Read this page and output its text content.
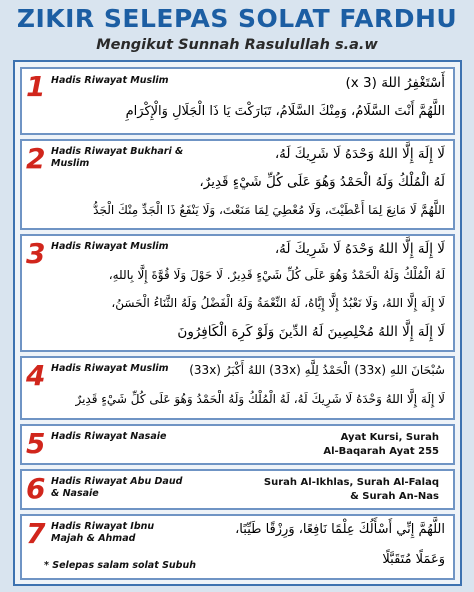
ZIKIR SELEPAS SOLAT FARDHU
Mengikut Sunnah Rasulullah s.a.w
1 Hadis Riwayat Muslim	أَسْتَغْفِرُ اللهَ (3 x)
اللَّهُمَّ أَنْتَ السَّلَامُ، وَمِنْكَ السَّلَامُ، تَبَارَكْتَ يَا ذَا الْجَلَالِ وَالْإِكْرَامِ
2 Hadis Riwayat Bukhari & Muslim
لَا إِلَهَ إِلَّا اللهُ وَحْدَهُ لَا شَرِيكَ لَهُ،
لَهُ الْمُلْكُ وَلَهُ الْحَمْدُ وَهُوَ عَلَى كُلِّ شَيْءٍ قَدِيرٌ،
اللَّهُمَّ لَا مَانِعَ لِمَا أَعْطَيْتَ، وَلَا مُعْطِيَ لِمَا مَنَعْتَ، وَلَا يَنْفَعُ ذَا الْجَدِّ مِنْكَ الْجَدُّ
3 Hadis Riwayat Muslim	لَا إِلَهَ إِلَّا اللهُ وَحْدَهُ لَا شَرِيكَ لَهُ،
لَهُ الْمُلْكُ وَلَهُ الْحَمْدُ وَهُوَ عَلَى كُلِّ شَيْءٍ قَدِيرٌ. لَا حَوْلَ وَلَا قُوَّةَ إِلَّا بِاللهِ،
لَا إِلَهَ إِلَّا اللهُ، وَلَا نَعْبُدُ إِلَّا إِيَّاهُ، لَهُ النِّعْمَةُ وَلَهُ الْفَضْلُ وَلَهُ الثَّنَاءُ الْحَسَنُ،
لَا إِلَهَ إِلَّا اللهُ مُخْلِصِينَ لَهُ الدِّينَ وَلَوْ كَرِهَ الْكَافِرُونَ
4 Hadis Riwayat Muslim	سُبْحَانَ اللهِ (33x) الْحَمْدُ لِلَّهِ (33x) اللهُ أَكْبَرُ (33x)
لَا إِلَهَ إِلَّا اللهُ وَحْدَهُ لَا شَرِيكَ لَهُ، لَهُ الْمُلْكُ وَلَهُ الْحَمْدُ وَهُوَ عَلَى كُلِّ شَيْءٍ قَدِيرٌ
5 Hadis Riwayat Nasaie	Ayat Kursi, Surah
Al-Baqarah Ayat 255
6 Hadis Riwayat Abu Daud & Nasaie
Surah Al-Ikhlas, Surah Al-Falaq
& Surah An-Nas
7 Hadis Riwayat Ibnu Majah & Ahmad
* Selepas salam solat Subuh
اللَّهُمَّ إِنِّي أَسْأَلُكَ عِلْمًا نَافِعًا، وَرِزْقًا طَيِّبًا،
وَعَمَلًا مُتَقَبَّلًا
